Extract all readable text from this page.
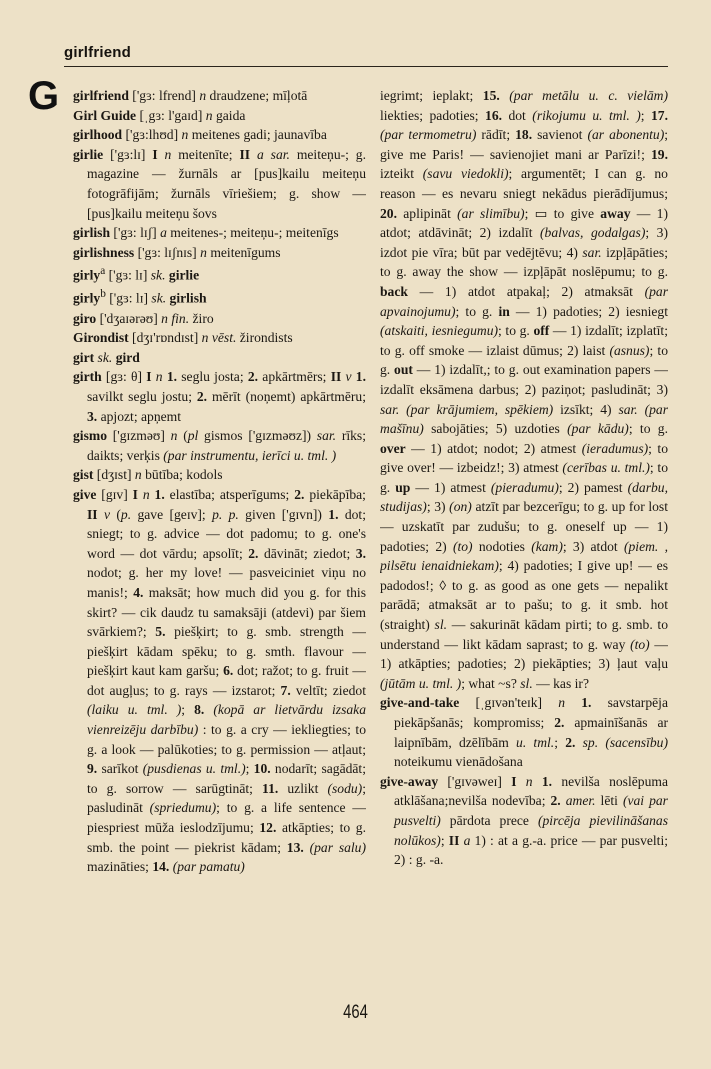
girlfriend
G girlfriend ['gɜ: lfrend] n draudzene; mīļotā

Girl Guide [ˌgɜ: l'gaɪd] n gaida

girlhood ['gɜ:lhʊd] n meitenes gadi; jaunavība

girlie ['gɜ:lɪ] I n meitenīte; II a sar. meiteņu-; g. magazine — žurnāls ar [pus]kailu meiteņu fotogrāfijām; žurnāls vīriešiem; g. show — [pus]kailu meiteņu šovs

girlish ['gɜ: lɪʃ] a meitenes-; meiteņu-; meitenīgs

girlishness ['gɜ: lɪʃnɪs] n meitenīgums

girly$^a$ ['gɜ: lɪ] sk. girlie

girly$^b$ ['gɜ: lɪ] sk. girlish

giro ['dʒaɪərəʊ] n fin. žiro

Girondist [dʒɪ'rɒndɪst] n vēst. žirondists

girt sk. gird

girth [gɜ: θ] I n 1. seglu josta; 2. apkārtmērs; II v 1. savilkt seglu jostu; 2. mērīt (noņemt) apkārtmēru; 3. apjozt; apņemt

gismo ['gɪzməʊ] n (pl gismos ['gɪzməʊz]) sar. rīks; daikts; verķis (par instrumentu, ierīci u. tml. )

gist [dʒɪst] n būtība; kodols

give [gɪv] I n 1. elastība; atsperīgums; 2. piekāpība; II v (p. gave [geɪv]; p. p. given ['gɪvn]) 1. dot; sniegt; to g. advice — dot padomu; to g. one's word — dot vārdu; apsolīt; 2. dāvināt; ziedot; 3. nodot; g. her my love! — pasveiciniet viņu no manis!; 4. maksāt; how much did you g. for this skirt? — cik daudz tu samaksāji (atdevi) par šiem svārkiem?; 5. piešķirt; to g. smb. strength — piešķirt kādam spēku; to g. smth. flavour — piešķirt kaut kam garšu; 6. dot; ražot; to g. fruit — dot augļus; to g. rays — izstarot; 7. veltīt; ziedot (laiku u. tml. ); 8. (kopā ar lietvārdu izsaka vienreizēju darbību) : to g. a cry — iekliegties; to g. a look — palūkoties; to g. permission — atļaut; 9. sarīkot (pusdienas u. tml.); 10. nodarīt; sagādāt; to g. sorrow — sarūgtināt; 11. uzlikt (sodu); pasludināt (spriedumu); to g. a life sentence — piespriest mūža ieslodzījumu; 12. atkāpties; to g. smb. the point — piekrist kādam; 13. (par salu) mazināties; 14. (par pamatu)

iegrimt; ieplakt; 15. (par metālu u. c. vielām) liekties; padoties; 16. dot (rikojumu u. tml. ); 17. (par termometru) rādīt; 18. savienot (ar abonentu); give me Paris! — savienojiet mani ar Parīzi!; 19. izteikt (savu viedokli); argumentēt; I can g. no reason — es nevaru sniegt nekādus pierādījumus; 20. aplipināt (ar slimību); ▭ to give away — 1) atdot; atdāvināt; 2) izdalīt (balvas, godalgas); 3) izdot pie vīra; būt par vedējtēvu; 4) sar. izpļāpāties; to g. away the show — izpļāpāt noslēpumu; to g. back — 1) atdot atpakaļ; 2) atmaksāt (par apvainojumu); to g. in — 1) padoties; 2) iesniegt (atskaiti, iesniegumu); to g. off — 1) izdalīt; izplatīt; to g. off smoke — izlaist dūmus; 2) laist (asnus); to g. out — 1) izdalīt,; to g. out examination papers — izdalīt eksāmena darbus; 2) paziņot; pasludināt; 3) sar. (par krājumiem, spēkiem) izsīkt; 4) sar. (par mašīnu) sabojāties; 5) uzdoties (par kādu); to g. over — 1) atdot; nodot; 2) atmest (ieradumus); to give over! — izbeidz!; 3) atmest (cerības u. tml.); to g. up — 1) atmest (pieradumu); 2) pamest (darbu, studijas); 3) (on) atzīt par bezcerīgu; to g. up for lost — uzskatīt par zudušu; to g. oneself up — 1) padoties; 2) (to) nodoties (kam); 3) atdot (piem. , pilsētu ienaidniekam); 4) padoties; I give up! — es padodos!; ◊ to g. as good as one gets — nepalikt parādā; atmaksāt ar to pašu; to g. it smb. hot (straight) sl. — sakurināt kādam pirti; to g. smb. to understand — likt kādam saprast; to g. way (to) — 1) atkāpties; padoties; 2) piekāpties; 3) ļaut vaļu (jūtām u. tml. ); what ~s? sl. — kas ir?

give-and-take [ˌgɪvən'teɪk] n 1. savstarpēja piekāpšanās; kompromiss; 2. apmainīšanās ar laipnībām, dzēlībām u. tml.; 2. sp. (sacensību) noteikumu vienādošana

give-away ['gɪvəweɪ] I n 1. nevilša noslēpuma atklāšana;nevilša nodevība; 2. amer. lēti (vai par pusvelti) pārdota prece (pircēja pievilināšanas nolūkos); II a 1) : at a g.-a. price — par pusvelti; 2) : g. -a.

464
